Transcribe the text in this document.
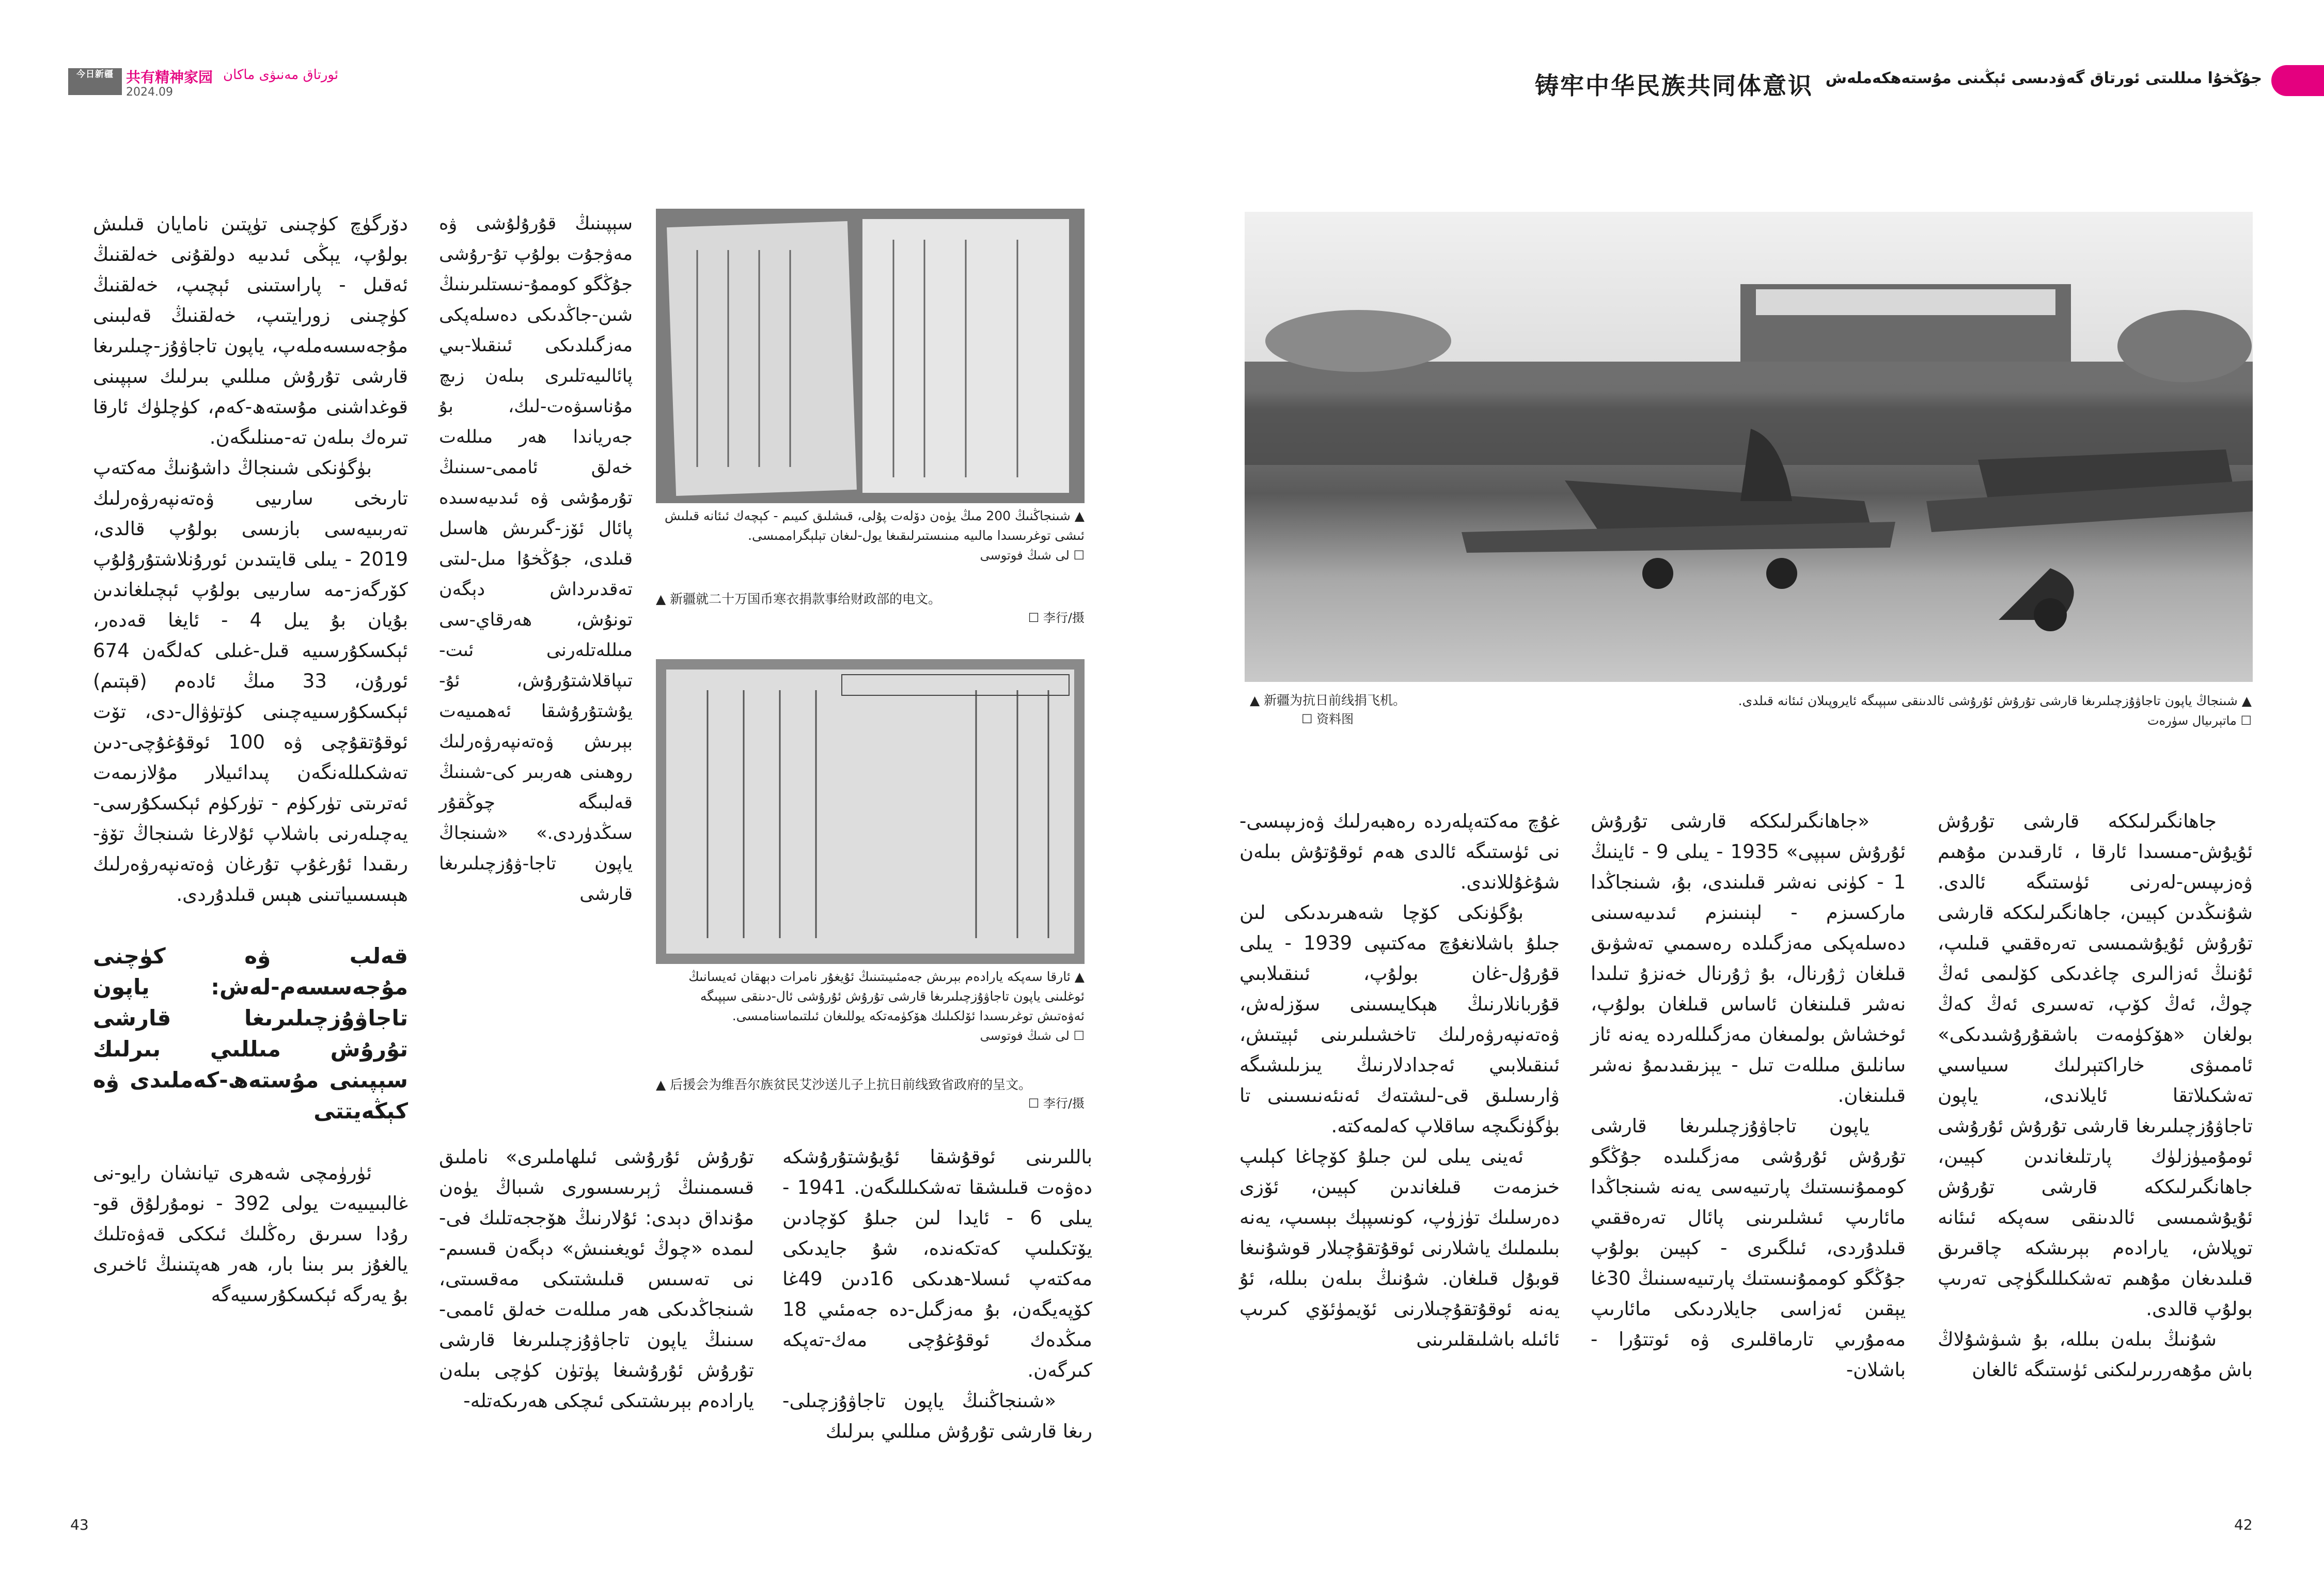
今日新疆 共有精神家园 ئورتاق مەنىۋى ماكان
2024.09	铸牢中华民族共同体意识 جۇڭخۇا مىللىتى ئورتاق گەۋدىسى ئېڭىنى مۇستەھكەملەش
▲ 新疆为抗日前线捐飞机。
☐ 资料图
▲ شىنجاڭ ياپون تاجاۋۇزچىلىرىغا قارشى تۇرۇش ئۇرۇشى ئالدىنقى سېپىگە ئايروپىلان ئىئانە قىلدى.
☐ ماتېرىيال سۈرەت

جاھانگىرلىككە قارشى تۇرۇش ئۇيۇش-مىسىدا ئارقا ، ئارقىدىن مۇھىم ۋەزىپىس-لەرنى ئۈستىگە ئالدى. شۇنىڭدىن كېيىن، جاھانگىرلىككە قارشى تۇرۇش ئۇيۇشمىسى تەرەققىي قىلىپ، ئۇنىڭ ئەزالىرى چاغدىكى كۆلىمى ئەڭ چوڭ، ئەڭ كۆپ، تەسىرى ئەڭ كەڭ بولغان «ھۆكۈمەت باشقۇرۇشىدىكى» ئاممىۋى خاراكتېرلىك سىياسىي تەشكىلاتقا ئايلاندى، ياپون تاجاۋۇزچىلىرىغا قارشى تۇرۇش ئۇرۇشى ئومۇميۈزلۈك پارتلىغاندىن كېيىن، جاھانگىرلىككە قارشى تۇرۇش ئۇيۇشمىسى ئالدىنقى سەپكە ئىئانە توپلاش، يارادەم بېرىشكە چاقىرىق قىلىدىغان مۇھىم تەشكىللىگۈچى تەرىپ بولۇپ قالدى.

شۇنىڭ بىلەن بىللە، بۇ شىۋشۇلاڭ باش مۇھەررىرلىكنى ئۈستىگە ئالغان

«جاھانگىرلىككە قارشى تۇرۇش ئۇرۇش سېپى» 1935 - يىلى 9 - ئاينىڭ 1 - كۈنى نەشر قىلىندى، بۇ، شىنجاڭدا ماركسىزم - لېنىنىزم ئىدىيەسىنى دەسلەپكى مەزگىلدە رەسمىي تەشۋىق قىلغان ژۇرنال، بۇ ژۇرنال خەنزۇ تىلىدا نەشر قىلىنغان ئاساس قىلغان بولۇپ، ئوخشاش بولمىغان مەزگىللەردە يەنە ئاز سانلىق مىللەت تىل - يېزىقىدىمۇ نەشر قىلىنغان.

ياپون تاجاۋۇزچىلىرىغا قارشى تۇرۇش ئۇرۇشى مەزگىلىدە جۇڭگو كوممۇنىستىك پارتىيەسى يەنە شىنجاڭدا مائارىپ ئىشلىرىنى پائال تەرەققىي قىلدۇردى، ئىلگىرى - كېيىن بولۇپ جۇڭگو كوممۇنىستىك پارتىيەسىنىڭ 30غا يېقىن ئەزاسى جايلاردىكى مائارىپ مەمۇرىي تارماقلىرى ۋە ئوتتۇرا - باشلان-

غۇچ مەكتەپلەردە رەھبەرلىك ۋەزىپىسى-نى ئۈستىگە ئالدى ھەم ئوقۇتۇش بىلەن شۇغۇللاندى.

بۇگۈنكى كۆچا شەھىرىدىكى لىن جىلۇ باشلانغۇچ مەكتىپى 1939 - يىلى قۇرۇل-غان بولۇپ، ئىنقىلابىي قۇربانلارنىڭ ھېكايىسىنى سۆزلەش، ۋەتەنپەرۋەرلىك تاخشىلىرىنى ئېيتىش، ئىنقىلابىي ئەجدادلارنىڭ يىزىلىشىگە ۋارىسلىق قى-لىشتەك ئەنئەنىسىنى تا بۈگۈنگىچە ساقلاپ كەلمەكتە.

ئەينى يىلى لىن جىلۇ كۆچاغا كېلىپ خىزمەت قىلغاندىن كېيىن، ئۆزى دەرسلىك تۈزۈپ، كونسپېك بېسىپ، يەنە بىلىملىك ياشلارنى ئوقۇتقۇچىلار قوشۇنىغا قوبۇل قىلغان. شۇنىڭ بىلەن بىللە، ئۇ يەنە ئوقۇتقۇچىلارنى ئۆيمۈئۆي كىرىپ ئائىلە باشلىقلىرىنى

▲ شىنجاڭنىڭ 200 مىڭ يۈەن دۆلەت پۇلى، قىشلىق كىيىم - كېچەك ئىئانە قىلىش ئىشى توغرىسىدا مالىيە مىنىستىرلىقىغا يول-لىغان تېلېگراممىسى.
☐ لى شىڭ فوتوسى
▲ 新疆就二十万国币寒衣捐款事给财政部的电文。
☐ 李行/摄
▲ ئارقا سەپكە يارادەم بېرىش جەمئىيىتىنىڭ ئۇيغۇر نامرات دېھقان ئەيسانىڭ ئوغلىنى ياپون تاجاۋۇزچىلىرىغا قارشى تۇرۇش ئۇرۇشى ئال-دىنقى سېپىگە ئەۋەتىش توغرىسىدا ئۆلكىلىك ھۆكۈمەتكە يوللىغان ئىلتىماسنامىسى.
☐ لى شىڭ فوتوسى
▲ 后援会为维吾尔族贫民艾沙送儿子上抗日前线致省政府的呈文。
☐ 李行/摄

باللىرىنى ئوقۇشقا ئۇيۇشتۇرۇشكە دەۋەت قىلىشقا تەشكىللىگەن. 1941 - يىلى 6 - ئايدا لىن جىلۇ كۆچادىن يۆتكىلىپ كەتكەندە، شۇ جايدىكى مەكتەپ ئىسلا-ھدىكى 16دىن 49غا كۆپەيگەن، بۇ مەزگىل-دە جەمئىي 18 مىڭدەك ئوقۇغۇچى مەك-تەپكە كىرگەن.

«شىنجاڭنىڭ ياپون تاجاۋۇزچىلى-رىغا قارشى تۇرۇش مىللىي بىرلىك

سېپىنىڭ قۇرۇلۇشى ۋە مەۋجۇت بولۇپ تۇ-رۇشى جۇڭگو كوممۇ-نىستلىرىنىڭ شىن-جاڭدىكى دەسلەپكى مەزگىلدىكى ئىنقىلا-بىي پائالىيەتلىرى بىلەن زىچ مۇناسىۋەت-لىك، بۇ جەرياندا ھەر مىللەت خەلق ئاممى-سىنىڭ تۇرمۇشى ۋە ئىدىيەسىدە پائال ئۆز-گىرىش ھاسىل قىلدى، جۇڭخۇا مىل-لىتى تەقدىرداش دېگەن تونۇش، ھەرقاي-سى مىللەتلەرنى ئىت-تىپاقلاشتۇرۇش، ئۇ-يۇشتۇرۇشقا ئەھمىيەت بېرىش ۋەتەنپەرۋەرلىك روھىنى ھەربىر كى-شىنىڭ قەلبىگە چوڭقۇر سىڭدۈردى.» «شىنجاڭ ياپون تاجا-ۋۇزچىلىرىغا قارشى

تۇرۇش ئۇرۇشى ئىلھاملىرى» ناملىق قىسمىنىڭ ژېرىسسورى شىباڭ يۈەن مۇنداق دېدى: ئۇلارنىڭ ھۆججەتلىك فى-لىمدە «چوڭ ئويغىنىش» دېگەن قىسىم-نى تەسىس قىلىشتىكى مەقسىتى، شىنجاڭدىكى ھەر مىللەت خەلق ئاممى-سىنىڭ ياپون تاجاۋۇزچىلىرىغا قارشى تۇرۇش ئۇرۇشىغا پۈتۈن كۈچى بىلەن يارادەم بېرىشتىكى ئىچكى ھەرىكەتلە-

دۆرگۈچ كۈچىنى تۈپتىن نامايان قىلىش بولۇپ، يېڭى ئىدىيە دولقۇنى خەلقنىڭ ئەقىل - پاراستىنى ئېچىپ، خەلقنىڭ كۈچىنى زورايتىپ، خەلقنىڭ قەلبىنى مۇجەسسەملەپ، ياپون تاجاۋۇز-چىلىرىغا قارشى تۇرۇش مىللىي بىرلىك سېپىنى قوغداشنى مۇستەھ-كەم، كۈچلۈك ئارقا تىرەك بىلەن تە-مىنلىگەن.

بۈگۈنكى شىنجاڭ داشۇنىڭ مەكتەپ تارىخى سارىيى ۋەتەنپەرۋەرلىك تەربىيەسى بازىسى بولۇپ قالدى، 2019 - يىلى قايتىدىن ئورۇنلاشتۇرۇلۇپ كۆرگەز-مە سارىيى بولۇپ ئېچىلغاندىن بۇيان بۇ يىل 4 - ئايغا قەدەر، ئېكسكۇرسىيە قىل-غىلى كەلگەن 674 ئورۇن، 33 مىڭ ئادەم (قېتىم) ئېكسكۇرسىيەچىنى كۈتۈۋال-دى، تۆت ئوقۇتقۇچى ۋە 100 ئوقۇغۇچى-دىن تەشكىللەنگەن پىدائىيلار مۇلازىمەت ئەترىتى تۈركۈم - تۈركۈم ئېكسكۇرسى-يەچىلەرنى باشلاپ ئۇلارغا شىنجاڭ تۆۋ-رىقىدا ئۇرغۇپ تۇرغان ۋەتەنپەرۋەرلىك ھېسسىياتىنى ھېس قىلدۇردى.

قەلب ۋە كۈچنى مۇجەسسەم-لەش: ياپون تاجاۋۇزچىلىرىغا قارشى تۇرۇش مىللىي بىرلىك سېپىنى مۇستەھ-كەملىدى ۋە كېڭەيتتى

ئۈرۈمچى شەھرى تيانشان رايو-نى غالبىيىيەت يولى 392 - نومۇرلۇق قو-رۇدا سىرىق رەڭلىك ئىككى قەۋەتلىك يالغۇز بىر بىنا بار، ھەر ھەپتىنىڭ ئاخىرى بۇ يەرگە ئېكسكۇرسىيەگە

43	42
